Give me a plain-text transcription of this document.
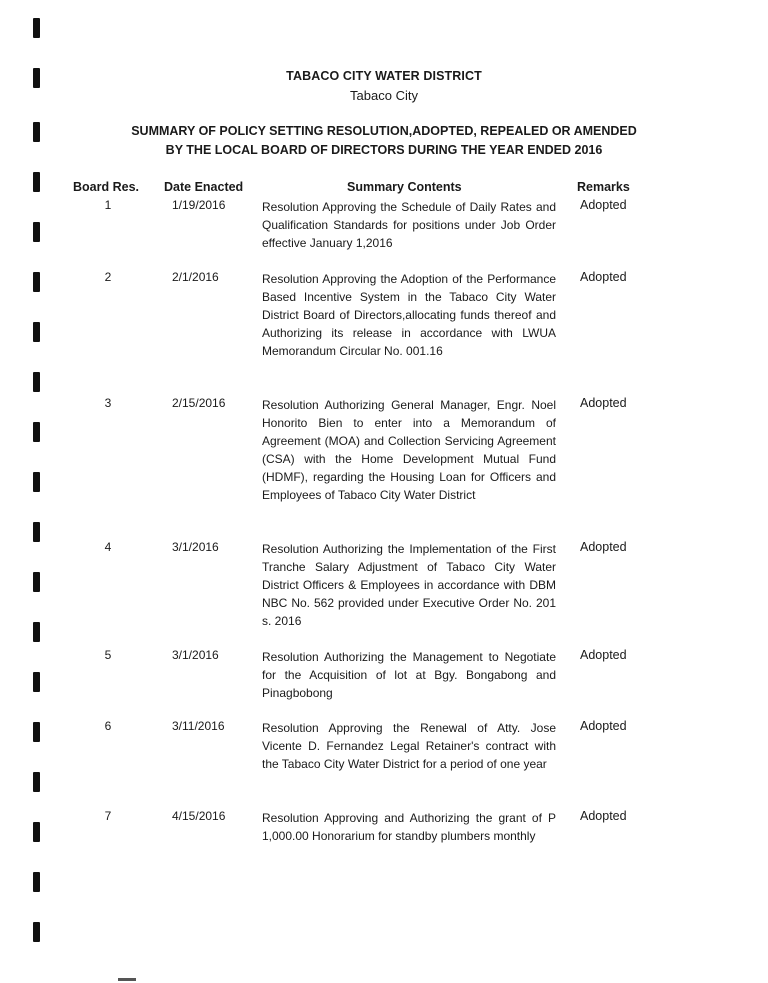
TABACO CITY WATER DISTRICT
Tabaco City
SUMMARY OF POLICY SETTING RESOLUTION,ADOPTED, REPEALED OR AMENDED
BY THE LOCAL BOARD OF DIRECTORS DURING THE YEAR ENDED 2016
Board Res. Date Enacted	Summary Contents	Remarks
1	1/19/2016	Resolution Approving the Schedule of Daily Rates and Qualification Standards for positions under Job Order effective January 1,2016
Adopted
2	2/1/2016	Resolution Approving the Adoption of the Performance Based Incentive System in the Tabaco City Water District Board of Directors,allocating funds thereof and Authorizing its release in accordance with LWUA Memorandum Circular No. 001.16
Adopted
3	2/15/2016	Resolution Authorizing General Manager, Engr. Noel Honorito Bien to enter into a Memorandum of Agreement (MOA) and Collection Servicing Agreement (CSA) with the Home Development Mutual Fund (HDMF), regarding the Housing Loan for Officers and Employees of Tabaco City Water District
Adopted
4	3/1/2016	Resolution Authorizing the Implementation of the First Tranche Salary Adjustment of Tabaco City Water District Officers & Employees in accordance with DBM NBC No. 562 provided under Executive Order No. 201 s. 2016
Adopted
5	3/1/2016	Resolution Authorizing the Management to Negotiate for the Acquisition of lot at Bgy. Bongabong and Pinagbobong
Adopted
6	3/11/2016	Resolution Approving the Renewal of Atty. Jose Vicente D. Fernandez Legal Retainer's contract with the Tabaco City Water District for a period of one year
Adopted
7	4/15/2016	Resolution Approving and Authorizing the grant of P 1,000.00 Honorarium for standby plumbers monthly
Adopted
